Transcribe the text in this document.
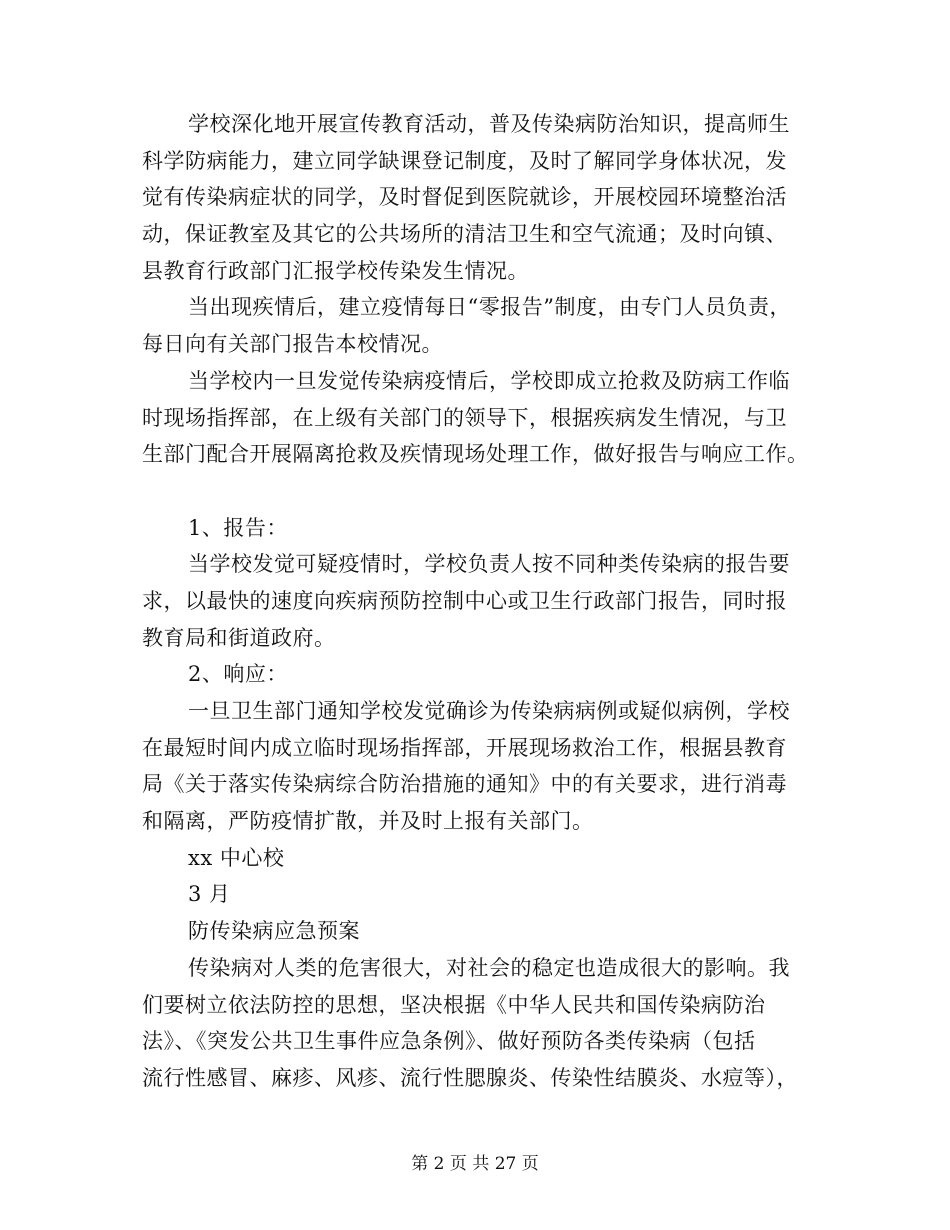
学校深化地开展宣传教育活动，普及传染病防治知识，提高师生
科学防病能力，建立同学缺课登记制度，及时了解同学身体状况，发
觉有传染病症状的同学，及时督促到医院就诊，开展校园环境整治活
动，保证教室及其它的公共场所的清洁卫生和空气流通；及时向镇、
县教育行政部门汇报学校传染发生情况。
当出现疾情后，建立疫情每日“零报告”制度，由专门人员负责，
每日向有关部门报告本校情况。
当学校内一旦发觉传染病疫情后，学校即成立抢救及防病工作临
时现场指挥部，在上级有关部门的领导下，根据疾病发生情况，与卫
生部门配合开展隔离抢救及疾情现场处理工作，做好报告与响应工作。
1、报告：
当学校发觉可疑疫情时，学校负责人按不同种类传染病的报告要
求，以最快的速度向疾病预防控制中心或卫生行政部门报告，同时报
教育局和街道政府。
2、响应：
一旦卫生部门通知学校发觉确诊为传染病病例或疑似病例，学校
在最短时间内成立临时现场指挥部，开展现场救治工作，根据县教育
局《关于落实传染病综合防治措施的通知》中的有关要求，进行消毒
和隔离，严防疫情扩散，并及时上报有关部门。
xx 中心校
3 月
防传染病应急预案
传染病对人类的危害很大，对社会的稳定也造成很大的影响。我
们要树立依法防控的思想，坚决根据《中华人民共和国传染病防治
法》、《突发公共卫生事件应急条例》、做好预防各类传染病（包括
流行性感冒、麻疹、风疹、流行性腮腺炎、传染性结膜炎、水痘等），
第 2 页 共 27 页
